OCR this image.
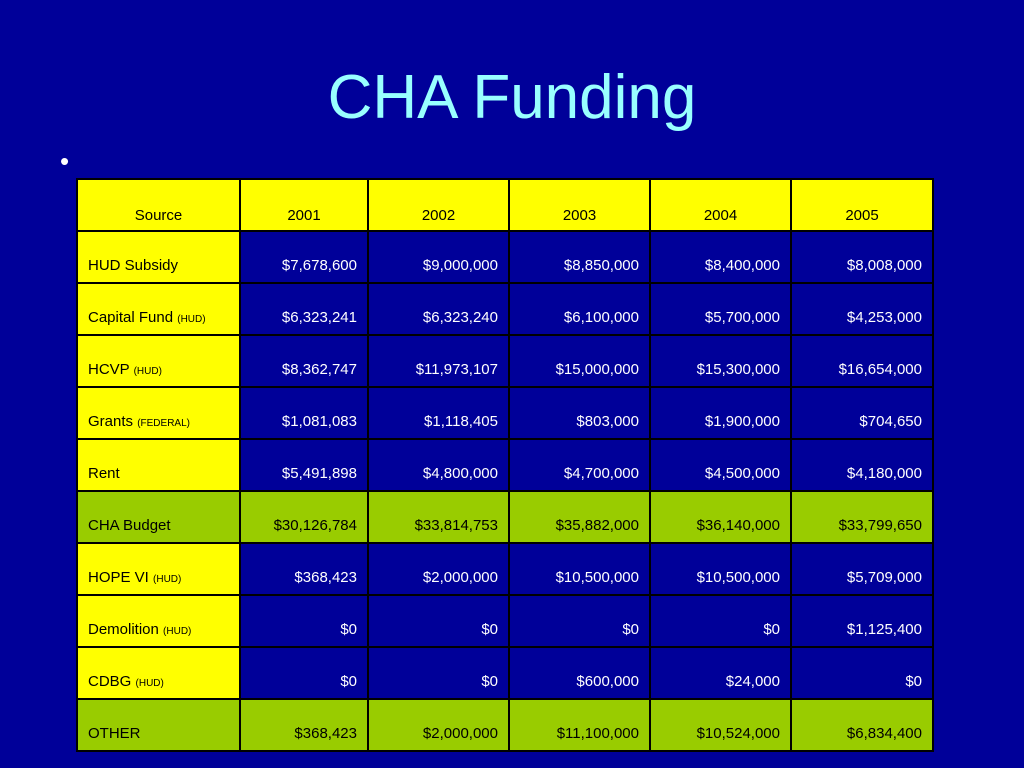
CHA Funding
•
Source	2001	2002	2003	2004	2005
HUD Subsidy	$7,678,600	$9,000,000	$8,850,000	$8,400,000	$8,008,000
Capital Fund (HUD)	$6,323,241	$6,323,240	$6,100,000	$5,700,000	$4,253,000
HCVP (HUD)	$8,362,747	$11,973,107	$15,000,000	$15,300,000	$16,654,000
Grants (FEDERAL)	$1,081,083	$1,118,405	$803,000	$1,900,000	$704,650
Rent	$5,491,898	$4,800,000	$4,700,000	$4,500,000	$4,180,000
CHA Budget	$30,126,784	$33,814,753	$35,882,000	$36,140,000	$33,799,650
HOPE VI (HUD)	$368,423	$2,000,000	$10,500,000	$10,500,000	$5,709,000
Demolition (HUD)	$0	$0	$0	$0	$1,125,400
CDBG (HUD)	$0	$0	$600,000	$24,000	$0
OTHER	$368,423	$2,000,000	$11,100,000	$10,524,000	$6,834,400
